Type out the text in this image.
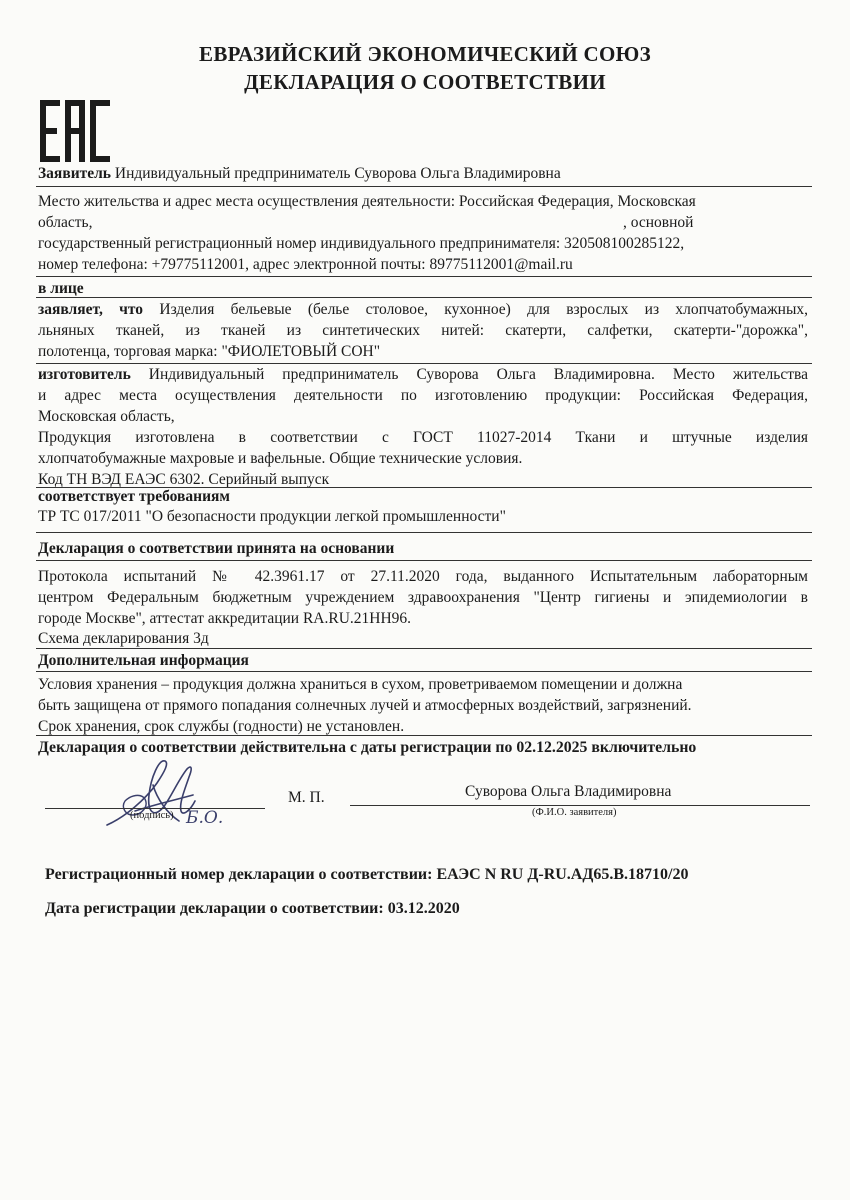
ЕВРАЗИЙСКИЙ ЭКОНОМИЧЕСКИЙ СОЮЗ
ДЕКЛАРАЦИЯ О СООТВЕТСТВИИ
Заявитель Индивидуальный предприниматель Суворова Ольга Владимировна
Место жительства и адрес места осуществления деятельности: Российская Федерация, Московская
область,	, основной
государственный регистрационный номер индивидуального предпринимателя: 320508100285122,
номер телефона: +79775112001, адрес электронной почты: 89775112001@mail.ru
в лице
заявляет, что Изделия бельевые (белье столовое, кухонное) для взрослых из хлопчатобумажных,
льняных тканей, из тканей из синтетических нитей: скатерти, салфетки, скатерти-"дорожка",
полотенца, торговая марка: "ФИОЛЕТОВЫЙ СОН"
изготовитель Индивидуальный предприниматель Суворова Ольга Владимировна. Место жительства
и адрес места осуществления деятельности по изготовлению продукции: Российская Федерация,
Московская область,
Продукция изготовлена в соответствии с ГОСТ 11027-2014 Ткани и штучные изделия
хлопчатобумажные махровые и вафельные. Общие технические условия.
Код ТН ВЭД ЕАЭС 6302. Серийный выпуск
соответствует требованиям
ТР ТС 017/2011 "О безопасности продукции легкой промышленности"
Декларация о соответствии принята на основании
Протокола испытаний № 42.3961.17 от 27.11.2020 года, выданного Испытательным лабораторным
центром Федеральным бюджетным учреждением здравоохранения "Центр гигиены и эпидемиологии в
городе Москве", аттестат аккредитации RA.RU.21НН96.
Схема декларирования 3д
Дополнительная информация
Условия хранения – продукция должна храниться в сухом, проветриваемом помещении и должна
быть защищена от прямого попадания солнечных лучей и атмосферных воздействий, загрязнений.
Срок хранения, срок службы (годности) не установлен.
Декларация о соответствии действительна с даты регистрации по 02.12.2025 включительно
(подпись) Б.О.
М. П.	Суворова Ольга Владимировна
(Ф.И.О. заявителя)
Регистрационный номер декларации о соответствии: ЕАЭС N RU Д-RU.АД65.В.18710/20
Дата регистрации декларации о соответствии: 03.12.2020
